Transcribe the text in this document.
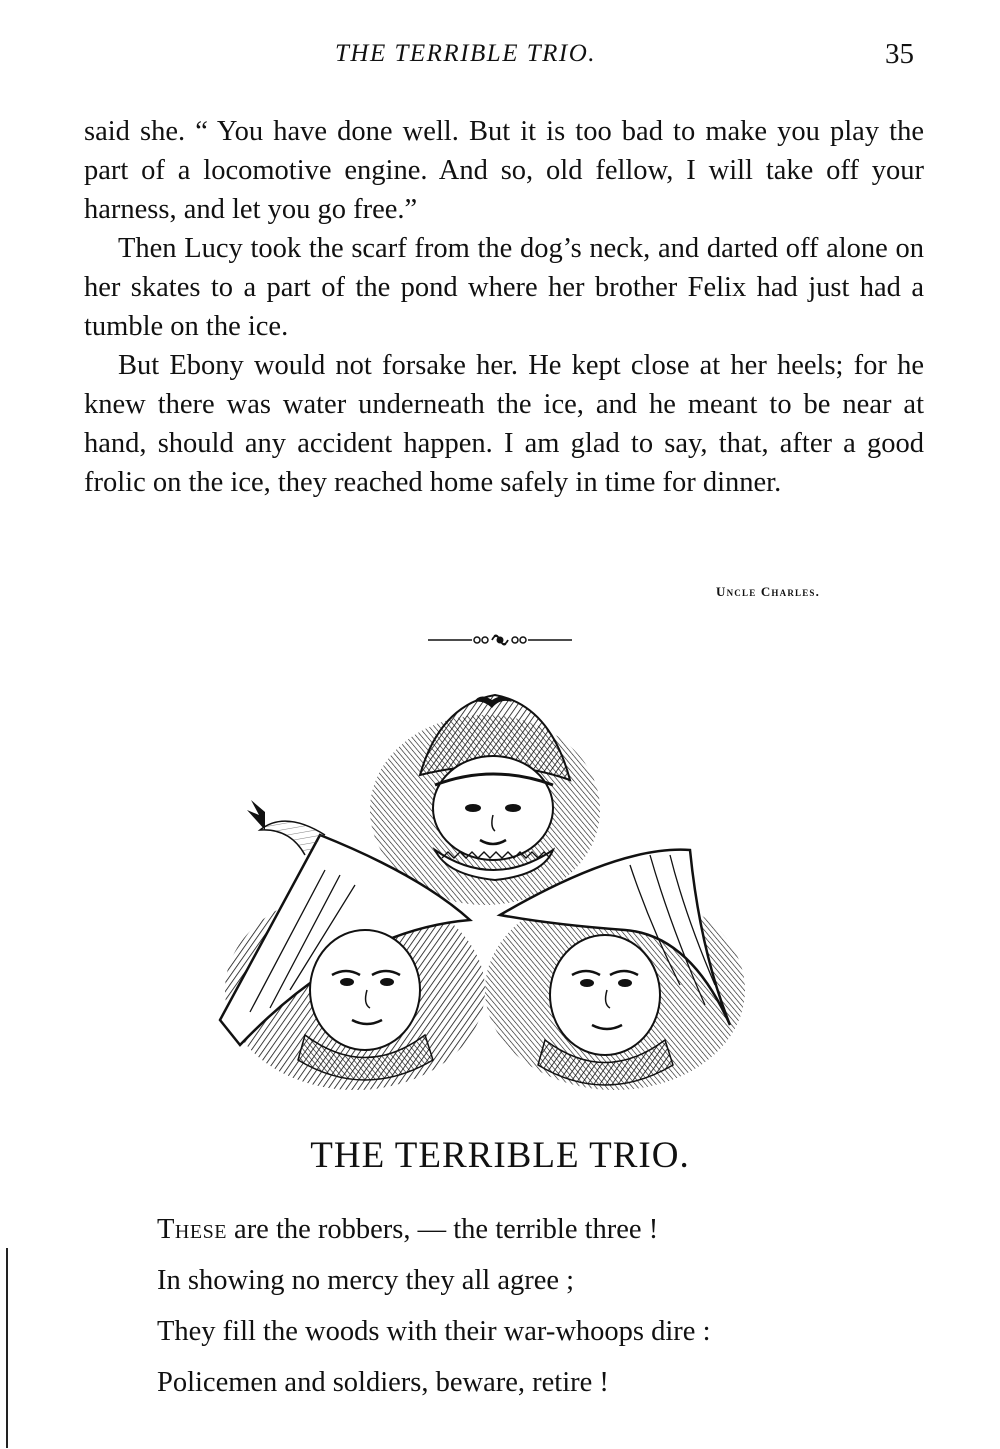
THE TERRIBLE TRIO.	35

said she. “ You have done well. But it is too bad to make you play the part of a locomotive engine. And so, old fellow, I will take off your harness, and let you go free.”

Then Lucy took the scarf from the dog’s neck, and darted off alone on her skates to a part of the pond where her brother Felix had just had a tumble on the ice.

But Ebony would not forsake her. He kept close at her heels; for he knew there was water underneath the ice, and he meant to be near at hand, should any accident happen. I am glad to say, that, after a good frolic on the ice, they reached home safely in time for dinner.

Uncle Charles.
THE TERRIBLE TRIO.
These are the robbers, — the terrible three !
In showing no mercy they all agree ;
They fill the woods with their war-whoops dire :
Policemen and soldiers, beware, retire !
